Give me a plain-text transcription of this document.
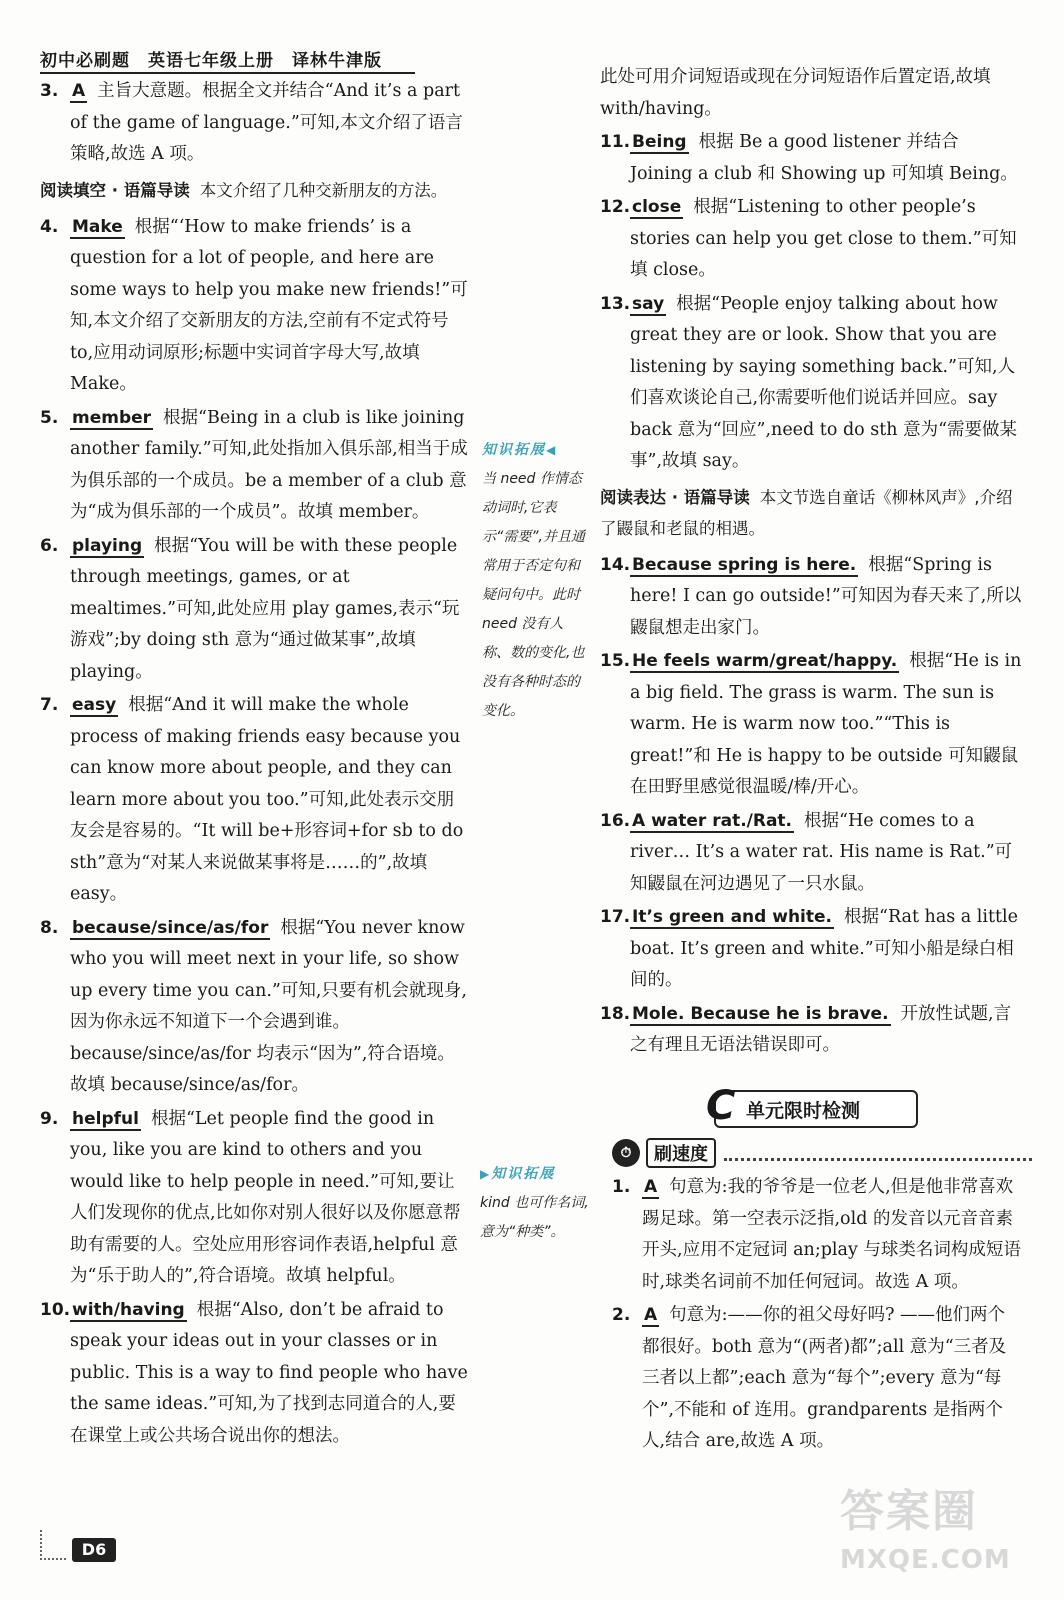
初中必刷题　英语七年级上册　译林牛津版
3. A 主旨大意题。根据全文并结合“And it’s a part of the game of language.”可知,本文介绍了语言策略,故选 A 项。
阅读填空 · 语篇导读 本文介绍了几种交新朋友的方法。
4. Make 根据“‘How to make friends’ is a question for a lot of people, and here are some ways to help you make new friends!”可知,本文介绍了交新朋友的方法,空前有不定式符号 to,应用动词原形;标题中实词首字母大写,故填 Make。
5. member 根据“Being in a club is like joining another family.”可知,此处指加入俱乐部,相当于成为俱乐部的一个成员。be a member of a club 意为“成为俱乐部的一个成员”。故填 member。
6. playing 根据“You will be with these people through meetings, games, or at mealtimes.”可知,此处应用 play games,表示“玩游戏”;by doing sth 意为“通过做某事”,故填 playing。
7. easy 根据“And it will make the whole process of making friends easy because you can know more about people, and they can learn more about you too.”可知,此处表示交朋友会是容易的。“It will be+形容词+for sb to do sth”意为“对某人来说做某事将是……的”,故填 easy。
8. because/since/as/for 根据“You never know who you will meet next in your life, so show up every time you can.”可知,只要有机会就现身,因为你永远不知道下一个会遇到谁。because/since/as/for 均表示“因为”,符合语境。故填 because/since/as/for。
9. helpful 根据“Let people find the good in you, like you are kind to others and you would like to help people in need.”可知,要让人们发现你的优点,比如你对别人很好以及你愿意帮助有需要的人。空处应用形容词作表语,helpful 意为“乐于助人的”,符合语境。故填 helpful。
10. with/having 根据“Also, don’t be afraid to speak your ideas out in your classes or in public. This is a way to find people who have the same ideas.”可知,为了找到志同道合的人,要在课堂上或公共场合说出你的想法。
知识拓展◀
当 need 作情态动词时,它表示“需要”,并且通常用于否定句和疑问句中。此时 need 没有人称、数的变化,也没有各种时态的变化。
▶知识拓展
kind 也可作名词,意为“种类”。

此处可用介词短语或现在分词短语作后置定语,故填 with/having。

11. Being 根据 Be a good listener 并结合 Joining a club 和 Showing up 可知填 Being。
12. close 根据“Listening to other people’s stories can help you get close to them.”可知填 close。
13. say 根据“People enjoy talking about how great they are or look. Show that you are listening by saying something back.”可知,人们喜欢谈论自己,你需要听他们说话并回应。say back 意为“回应”,need to do sth 意为“需要做某事”,故填 say。
阅读表达 · 语篇导读 本文节选自童话《柳林风声》,介绍了鼹鼠和老鼠的相遇。
14. Because spring is here. 根据“Spring is here! I can go outside!”可知因为春天来了,所以鼹鼠想走出家门。
15. He feels warm/great/happy. 根据“He is in a big field. The grass is warm. The sun is warm. He is warm now too.”“This is great!”和 He is happy to be outside 可知鼹鼠在田野里感觉很温暖/棒/开心。
16. A water rat./Rat. 根据“He comes to a river… It’s a water rat. His name is Rat.”可知鼹鼠在河边遇见了一只水鼠。
17. It’s green and white. 根据“Rat has a little boat. It’s green and white.”可知小船是绿白相间的。
18. Mole. Because he is brave. 开放性试题,言之有理且无语法错误即可。
C 单元限时检测
⏱	刷速度
1. A 句意为:我的爷爷是一位老人,但是他非常喜欢踢足球。第一空表示泛指,old 的发音以元音音素开头,应用不定冠词 an;play 与球类名词构成短语时,球类名词前不加任何冠词。故选 A 项。
2. A 句意为:——你的祖父母好吗? ——他们两个都很好。both 意为“(两者)都”;all 意为“三者及三者以上都”;each 意为“每个”;every 意为“每个”,不能和 of 连用。grandparents 是指两个人,结合 are,故选 A 项。
D6
答案圈
MXQE.COM
